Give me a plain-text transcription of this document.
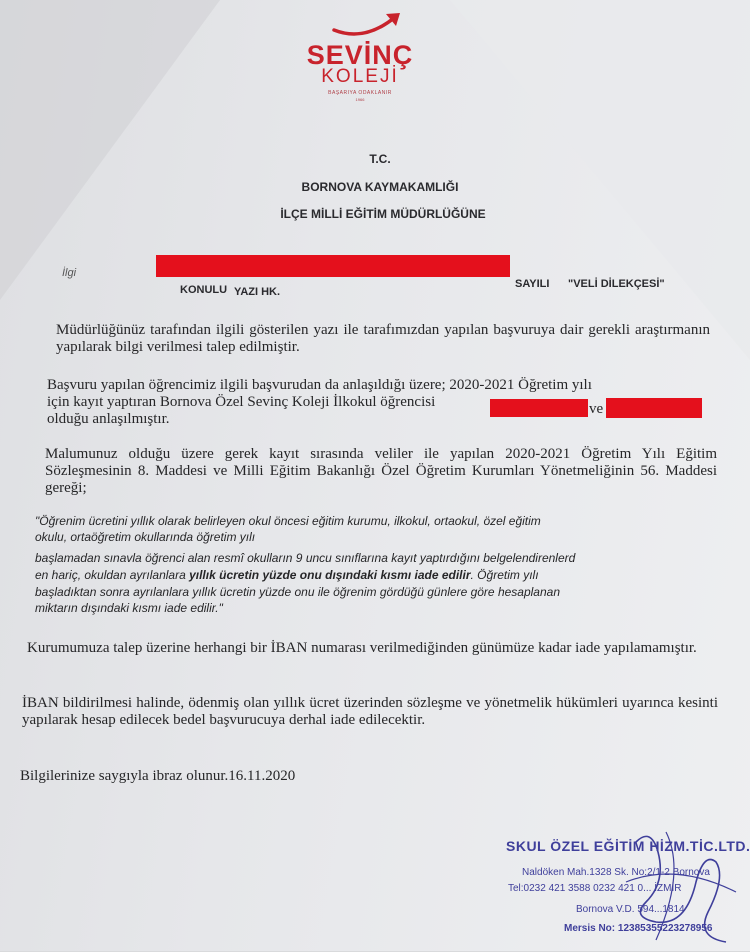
SEVİNÇ
KOLEJİ
BAŞARIYA ODAKLANIR
1966
T.C.
BORNOVA KAYMAKAMLIĞI
İLÇE MİLLİ EĞİTİM MÜDÜRLÜĞÜNE
İlgi
SAYILI "VELİ DİLEKÇESİ"
KONULU YAZI HK.
Müdürlüğünüz tarafından ilgili gösterilen yazı ile tarafımızdan yapılan başvuruya dair gerekli araştırmanın yapılarak bilgi verilmesi talep edilmiştir.
Başvuru yapılan öğrencimiz ilgili başvurudan da anlaşıldığı üzere; 2020-2021 Öğretim yılı
için kayıt yaptıran Bornova Özel Sevinç Koleji İlkokul öğrencisi	ve
olduğu anlaşılmıştır.
Malumunuz olduğu üzere gerek kayıt sırasında veliler ile yapılan 2020-2021 Öğretim Yılı Eğitim Sözleşmesinin 8. Maddesi ve Milli Eğitim Bakanlığı Özel Öğretim Kurumları Yönetmeliğinin 56. Maddesi gereği;
"Öğrenim ücretini yıllık olarak belirleyen okul öncesi eğitim kurumu, ilkokul, ortaokul, özel eğitim
okulu, ortaöğretim okullarında öğretim yılı
başlamadan sınavla öğrenci alan resmî okulların 9 uncu sınıflarına kayıt yaptırdığını belgelendirenlerd
en hariç, okuldan ayrılanlara yıllık ücretin yüzde onu dışındaki kısmı iade edilir. Öğretim yılı
başladıktan sonra ayrılanlara yıllık ücretin yüzde onu ile öğrenim gördüğü günlere göre hesaplanan
miktarın dışındaki kısmı iade edilir."
Kurumumuza talep üzerine herhangi bir İBAN numarası verilmediğinden günümüze kadar iade yapılamamıştır.
İBAN bildirilmesi halinde, ödenmiş olan yıllık ücret üzerinden sözleşme ve yönetmelik hükümleri uyarınca kesinti yapılarak hesap edilecek bedel başvurucuya derhal iade edilecektir.
Bilgilerinize saygıyla ibraz olunur.16.11.2020
SKUL ÖZEL EĞİTİM HİZM.TİC.LTD.
Naldöken Mah.1328 Sk. No:2/1-2 Bornova
Tel:0232 421 3588 0232 421 0... İZMİR
Bornova V.D. 594...1814
Mersis No: 12385355223278956
